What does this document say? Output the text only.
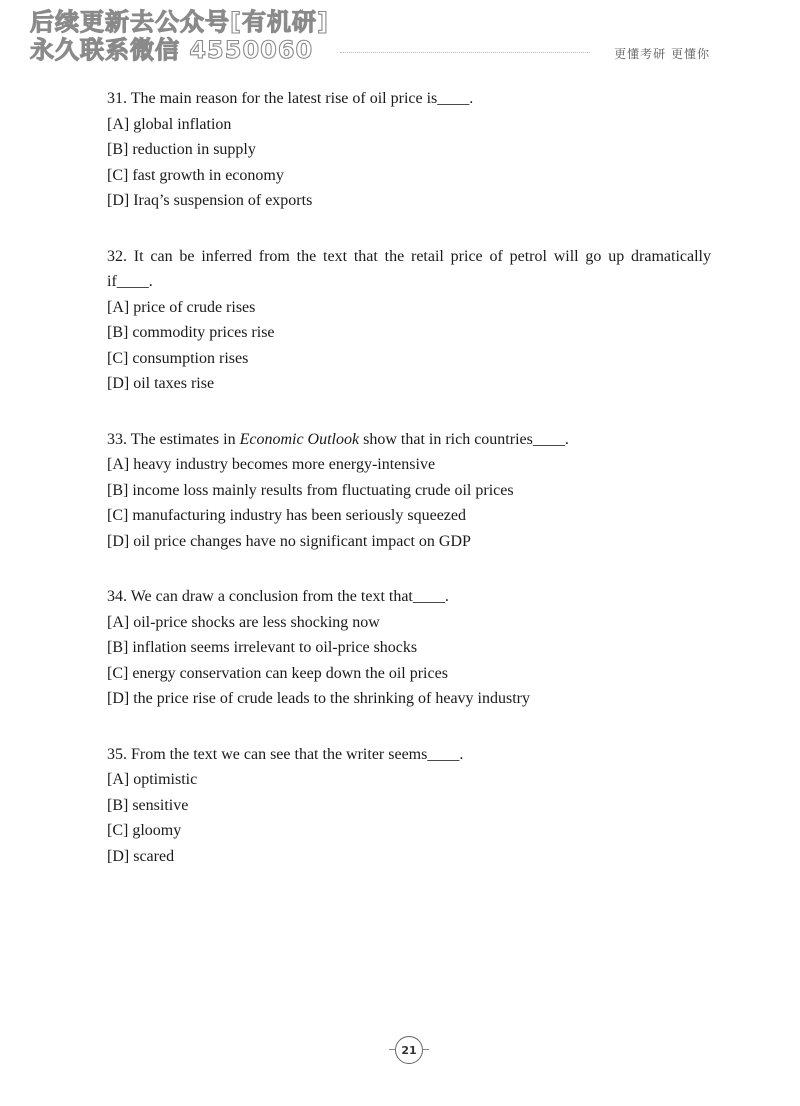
后续更新去公众号[有机研]
永久联系微信 4550060	更懂考研 更懂你

31. The main reason for the latest rise of oil price is____.

[A] global inflation

[B] reduction in supply

[C] fast growth in economy

[D] Iraq’s suspension of exports

32. It can be inferred from the text that the retail price of petrol will go up dramatically if____.

[A] price of crude rises

[B] commodity prices rise

[C] consumption rises

[D] oil taxes rise

33. The estimates in Economic Outlook show that in rich countries____.

[A] heavy industry becomes more energy-intensive

[B] income loss mainly results from fluctuating crude oil prices

[C] manufacturing industry has been seriously squeezed

[D] oil price changes have no significant impact on GDP

34. We can draw a conclusion from the text that____.

[A] oil-price shocks are less shocking now

[B] inflation seems irrelevant to oil-price shocks

[C] energy conservation can keep down the oil prices

[D] the price rise of crude leads to the shrinking of heavy industry

35. From the text we can see that the writer seems____.

[A] optimistic

[B] sensitive

[C] gloomy

[D] scared

21
